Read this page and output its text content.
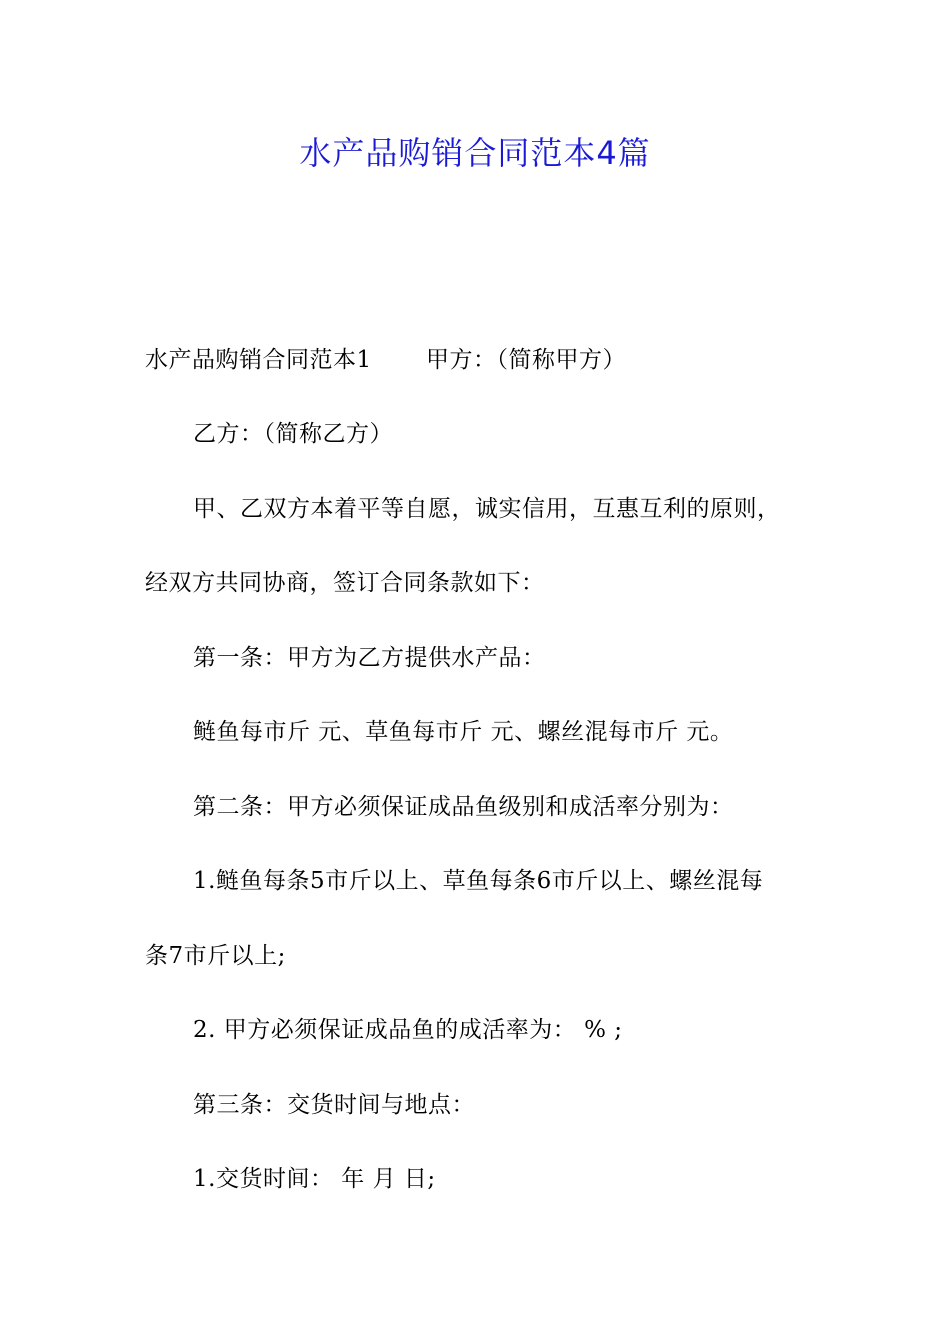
水产品购销合同范本4篇
水产品购销合同范本1 甲方：（简称甲方）
乙方：（简称乙方）
甲、乙双方本着平等自愿，诚实信用，互惠互利的原则，
经双方共同协商，签订合同条款如下：
第一条：甲方为乙方提供水产品：
鲢鱼每市斤 元、草鱼每市斤 元、螺丝混每市斤 元。
第二条：甲方必须保证成品鱼级别和成活率分别为：
1.鲢鱼每条5市斤以上、草鱼每条6市斤以上、螺丝混每
条7市斤以上;
2. 甲方必须保证成品鱼的成活率为： % ;
第三条：交货时间与地点：
1.交货时间： 年 月 日;
